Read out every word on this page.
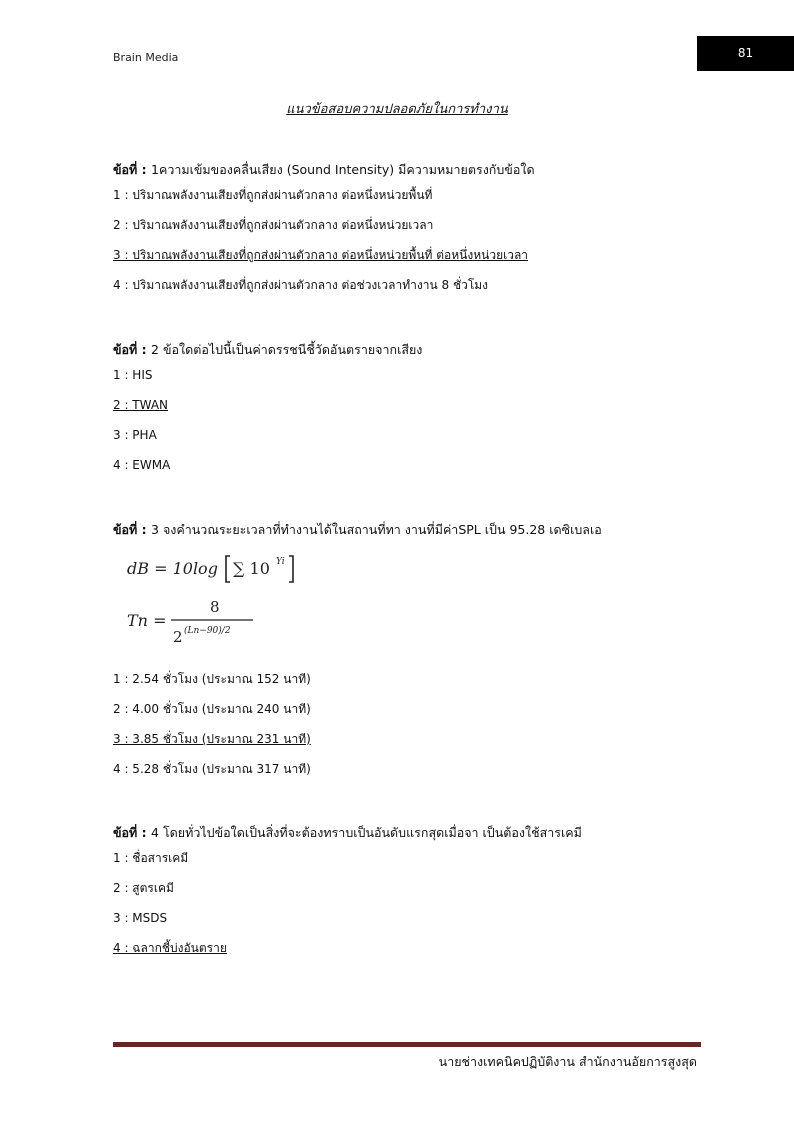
Brain Media	81
แนวข้อสอบความปลอดภัยในการทำงาน
ข้อที่ : 1ความเข้มของคลื่นเสียง (Sound Intensity) มีความหมายตรงกับข้อใด
1 : ปริมาณพลังงานเสียงที่ถูกส่งผ่านตัวกลาง ต่อหนึ่งหน่วยพื้นที่
2 : ปริมาณพลังงานเสียงที่ถูกส่งผ่านตัวกลาง ต่อหนึ่งหน่วยเวลา
3 : ปริมาณพลังงานเสียงที่ถูกส่งผ่านตัวกลาง ต่อหนึ่งหน่วยพื้นที่ ต่อหนึ่งหน่วยเวลา
4 : ปริมาณพลังงานเสียงที่ถูกส่งผ่านตัวกลาง ต่อช่วงเวลาทำงาน 8 ชั่วโมง
ข้อที่ : 2 ข้อใดต่อไปนี้เป็นค่าดรรชนีชี้วัดอันตรายจากเสียง
1 : HIS
2 : TWAN
3 : PHA
4 : EWMA
ข้อที่ : 3 จงคำนวณระยะเวลาที่ทำงานได้ในสถานที่ทา งานที่มีค่าSPL เป็น 95.28 เดซิเบลเอ
dB = 10log ∑ 10 Yi
Tn =
8
2 (Ln−90)/2
1 : 2.54 ชั่วโมง (ประมาณ 152 นาที)
2 : 4.00 ชั่วโมง (ประมาณ 240 นาที)
3 : 3.85 ชั่วโมง (ประมาณ 231 นาที)
4 : 5.28 ชั่วโมง (ประมาณ 317 นาที)
ข้อที่ : 4 โดยทั่วไปข้อใดเป็นสิ่งที่จะต้องทราบเป็นอันดับแรกสุดเมื่อจา เป็นต้องใช้สารเคมี
1 : ชื่อสารเคมี
2 : สูตรเคมี
3 : MSDS
4 : ฉลากชี้บ่งอันตราย
นายช่างเทคนิคปฏิบัติงาน สำนักงานอัยการสูงสุด
